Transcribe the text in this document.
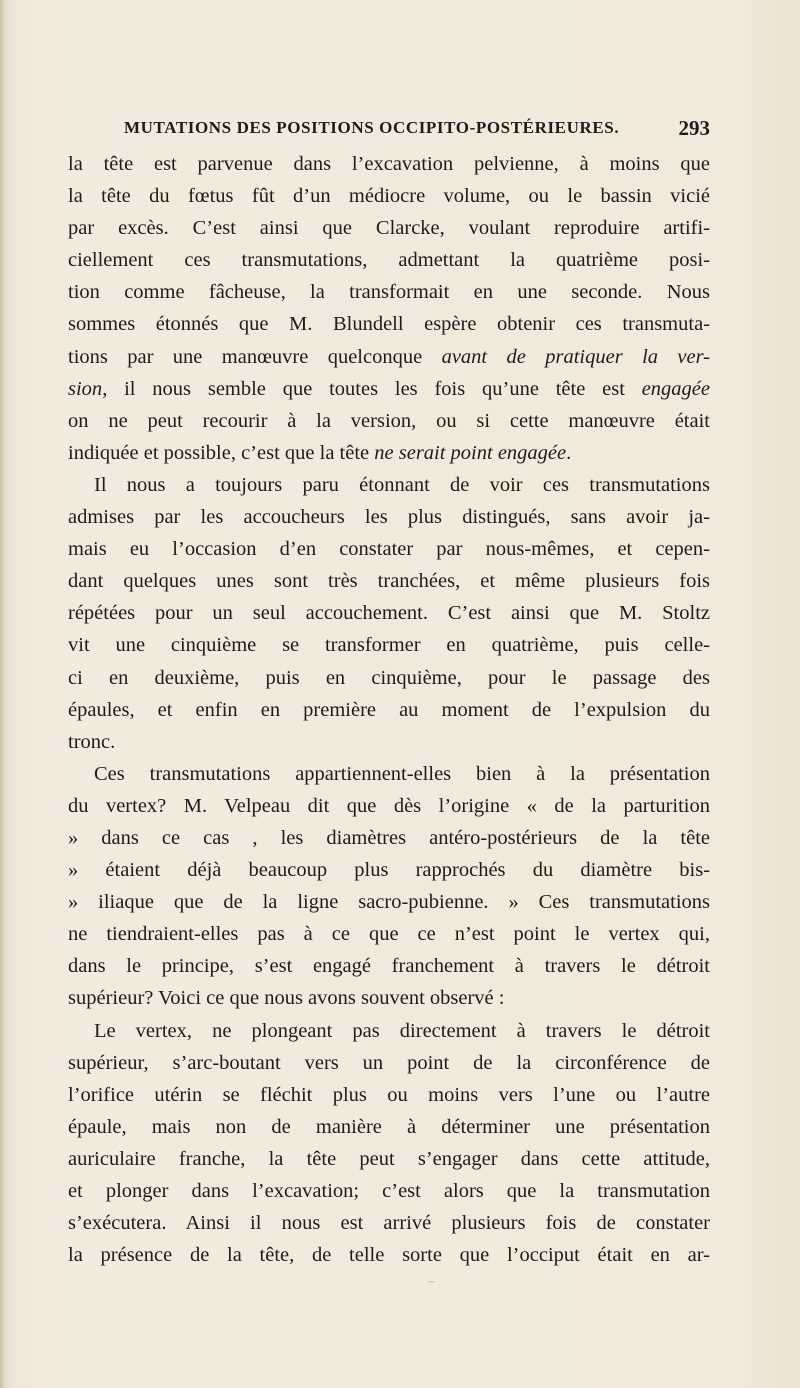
MUTATIONS DES POSITIONS OCCIPITO-POSTÉRIEURES.	293
la tête est parvenue dans l’excavation pelvienne, à moins que
la tête du fœtus fût d’un médiocre volume, ou le bassin vicié
par excès. C’est ainsi que Clarcke, voulant reproduire artifi-
ciellement ces transmutations, admettant la quatrième posi-
tion comme fâcheuse, la transformait en une seconde. Nous
sommes étonnés que M. Blundell espère obtenir ces transmuta-
tions par une manœuvre quelconque avant de pratiquer la ver-
sion, il nous semble que toutes les fois qu’une tête est engagée
on ne peut recourir à la version, ou si cette manœuvre était
indiquée et possible, c’est que la tête ne serait point engagée.
Il nous a toujours paru étonnant de voir ces transmutations
admises par les accoucheurs les plus distingués, sans avoir ja-
mais eu l’occasion d’en constater par nous-mêmes, et cepen-
dant quelques unes sont très tranchées, et même plusieurs fois
répétées pour un seul accouchement. C’est ainsi que M. Stoltz
vit une cinquième se transformer en quatrième, puis celle-
ci en deuxième, puis en cinquième, pour le passage des
épaules, et enfin en première au moment de l’expulsion du
tronc.
Ces transmutations appartiennent-elles bien à la présentation
du vertex? M. Velpeau dit que dès l’origine « de la parturition
» dans ce cas , les diamètres antéro-postérieurs de la tête
» étaient déjà beaucoup plus rapprochés du diamètre bis-
» iliaque que de la ligne sacro-pubienne. » Ces transmutations
ne tiendraient-elles pas à ce que ce n’est point le vertex qui,
dans le principe, s’est engagé franchement à travers le détroit
supérieur? Voici ce que nous avons souvent observé :
Le vertex, ne plongeant pas directement à travers le détroit
supérieur, s’arc-boutant vers un point de la circonférence de
l’orifice utérin se fléchit plus ou moins vers l’une ou l’autre
épaule, mais non de manière à déterminer une présentation
auriculaire franche, la tête peut s’engager dans cette attitude,
et plonger dans l’excavation; c’est alors que la transmutation
s’exécutera. Ainsi il nous est arrivé plusieurs fois de constater
la présence de la tête, de telle sorte que l’occiput était en ar-
–
